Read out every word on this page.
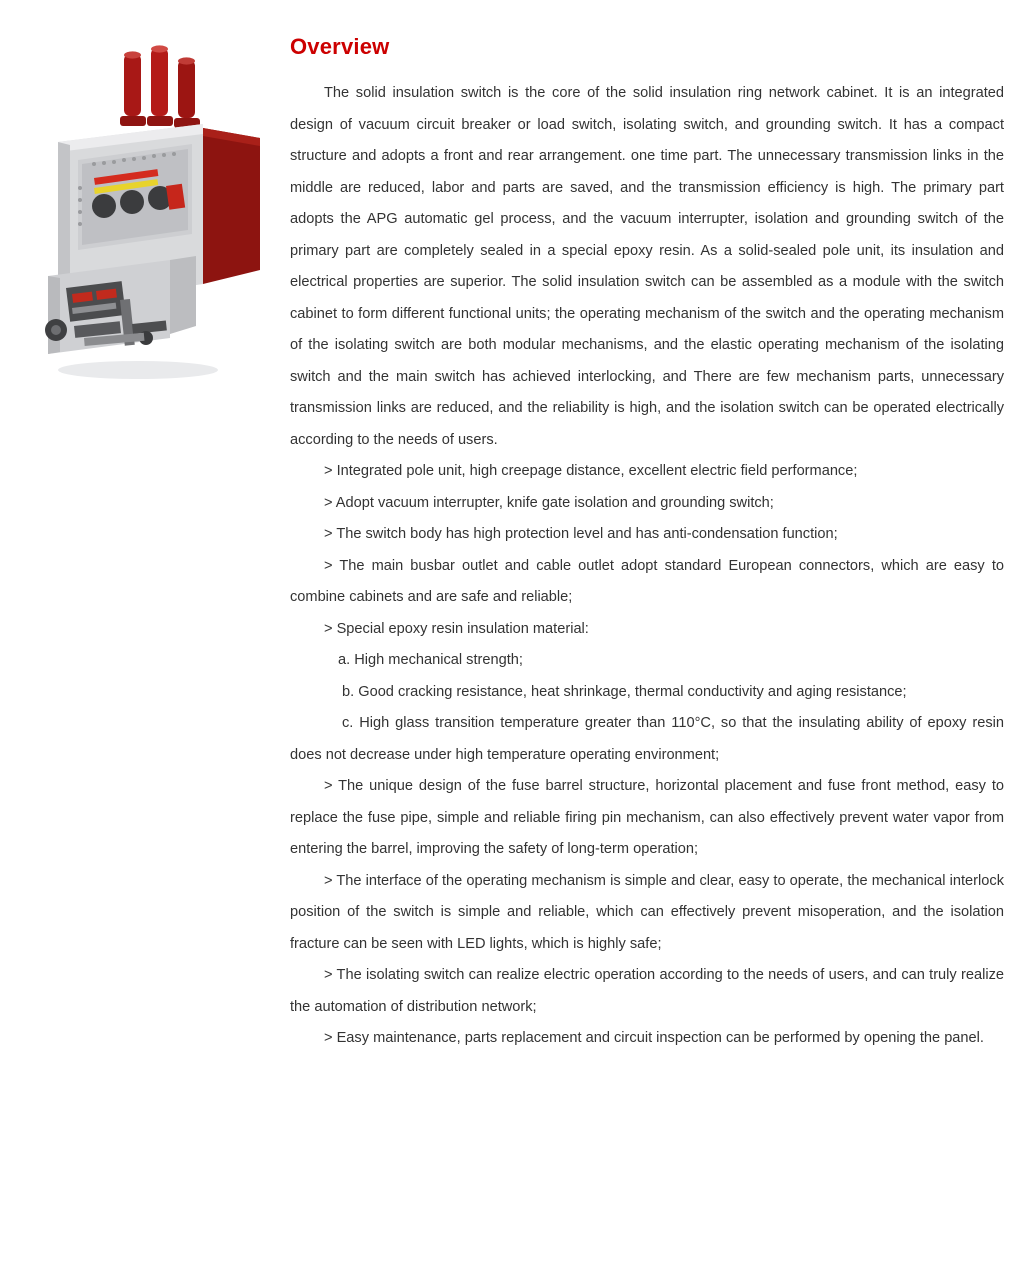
Overview

The solid insulation switch is the core of the solid insulation ring network cabinet. It is an integrated design of vacuum circuit breaker or load switch, isolating switch, and grounding switch. It has a compact structure and adopts a front and rear arrangement. one time part. The unnecessary transmission links in the middle are reduced, labor and parts are saved, and the transmission efficiency is high. The primary part adopts the APG automatic gel process, and the vacuum interrupter, isolation and grounding switch of the primary part are completely sealed in a special epoxy resin. As a solid-sealed pole unit, its insulation and electrical properties are superior. The solid insulation switch can be assembled as a module with the switch cabinet to form different functional units; the operating mechanism of the switch and the operating mechanism of the isolating switch are both modular mechanisms, and the elastic operating mechanism of the isolating switch and the main switch has achieved interlocking, and There are few mechanism parts, unnecessary transmission links are reduced, and the reliability is high, and the isolation switch can be operated electrically according to the needs of users.

> Integrated pole unit, high creepage distance, excellent electric field performance;

> Adopt vacuum interrupter, knife gate isolation and grounding switch;

> The switch body has high protection level and has anti-condensation function;

> The main busbar outlet and cable outlet adopt standard European connectors, which are easy to combine cabinets and are safe and reliable;

> Special epoxy resin insulation material:

a. High mechanical strength;

b. Good cracking resistance, heat shrinkage, thermal conductivity and aging resistance;

c. High glass transition temperature greater than 110°C, so that the insulating ability of epoxy resin does not decrease under high temperature operating environment;

> The unique design of the fuse barrel structure, horizontal placement and fuse front method, easy to replace the fuse pipe, simple and reliable firing pin mechanism, can also effectively prevent water vapor from entering the barrel, improving the safety of long-term operation;

> The interface of the operating mechanism is simple and clear, easy to operate, the mechanical interlock position of the switch is simple and reliable, which can effectively prevent misoperation, and the isolation fracture can be seen with LED lights, which is highly safe;

> The isolating switch can realize electric operation according to the needs of users, and can truly realize the automation of distribution network;

> Easy maintenance, parts replacement and circuit inspection can be performed by opening the panel.
